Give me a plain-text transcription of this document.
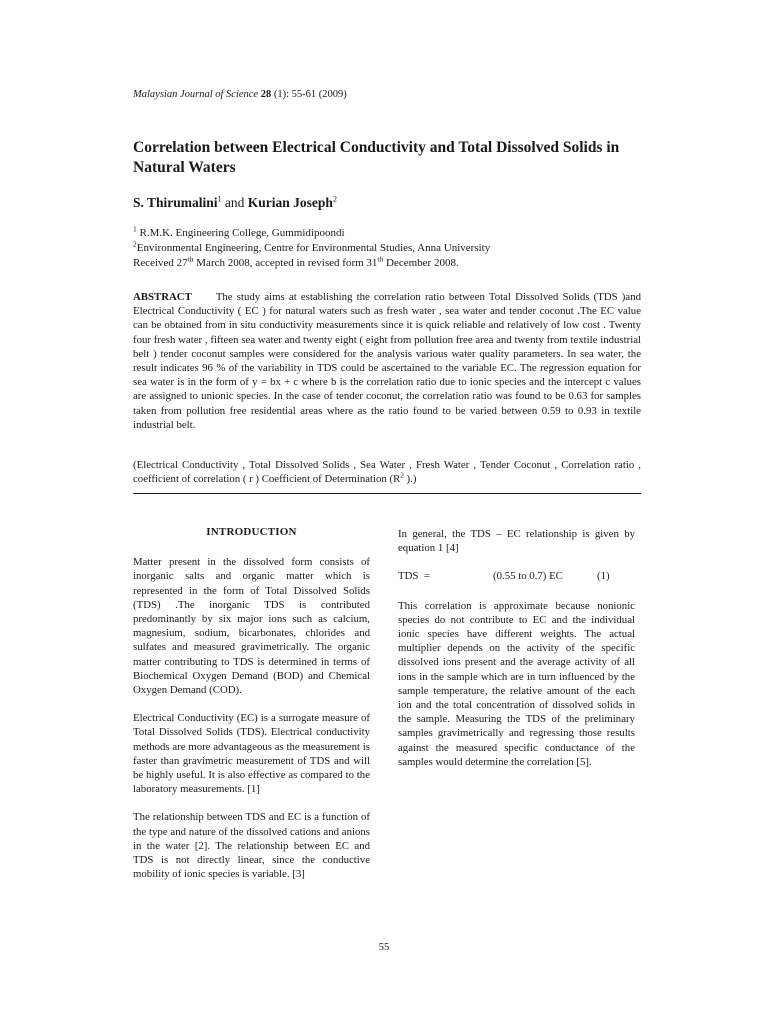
Malaysian Journal of Science 28 (1): 55-61 (2009)
Correlation between Electrical Conductivity and Total Dissolved Solids in Natural Waters
S. Thirumalini$^1$ and Kurian Joseph$^2$
$^1$ R.M.K. Engineering College, Gummidipoondi
$^2$Environmental Engineering, Centre for Environmental Studies, Anna University
Received 27th March 2008, accepted in revised form 31th December 2008.

ABSTRACT The study aims at establishing the correlation ratio between Total Dissolved Solids (TDS )and Electrical Conductivity ( EC ) for natural waters such as fresh water , sea water and tender coconut .The EC value can be obtained from in situ conductivity measurements since it is quick reliable and relatively of low cost . Twenty four fresh water , fifteen sea water and twenty eight ( eight from pollution free area and twenty from textile industrial belt ) tender coconut samples were considered for the analysis various water quality parameters. In sea water, the result indicates 96 % of the variability in TDS could be ascertained to the variable EC. The regression equation for sea water is in the form of y = bx + c where b is the correlation ratio due to ionic species and the intercept c values are assigned to unionic species. In the case of tender coconut, the correlation ratio was found to be 0.63 for samples taken from pollution free residential areas where as the ratio found to be varied between 0.59 to 0.93 in textile industrial belt.

(Electrical Conductivity , Total Dissolved Solids , Sea Water , Fresh Water , Tender Coconut , Correlation ratio , coefficient of correlation ( r ) Coefficient of Determination ($R^2$ ).)

INTRODUCTION

Matter present in the dissolved form consists of inorganic salts and organic matter which is represented in the form of Total Dissolved Solids (TDS) .The inorganic TDS is contributed predominantly by six major ions such as calcium, magnesium, sodium, bicarbonates, chlorides and sulfates and measured gravimetrically. The organic matter contributing to TDS is determined in terms of Biochemical Oxygen Demand (BOD) and Chemical Oxygen Demand (COD).

Electrical Conductivity (EC) is a surrogate measure of Total Dissolved Solids (TDS). Electrical conductivity methods are more advantageous as the measurement is faster than gravimetric measurement of TDS and will be highly useful. It is also effective as compared to the laboratory measurements. [1]

The relationship between TDS and EC is a function of the type and nature of the dissolved cations and anions in the water [2]. The relationship between EC and TDS is not directly linear, since the conductive mobility of ionic species is variable. [3]

In general, the TDS – EC relationship is given by equation 1 [4]

TDS  =	(0.55 to 0.7) EC	(1)

This correlation is approximate because nonionic species do not contribute to EC and the individual ionic species have different weights. The actual multiplier depends on the activity of the specific dissolved ions present and the average activity of all ions in the sample which are in turn influenced by the sample temperature, the relative amount of the each ion and the total concentration of dissolved solids in the sample. Measuring the TDS of the preliminary samples gravimetrically and regressing those results against the measured specific conductance of the samples would determine the correlation [5].

55
